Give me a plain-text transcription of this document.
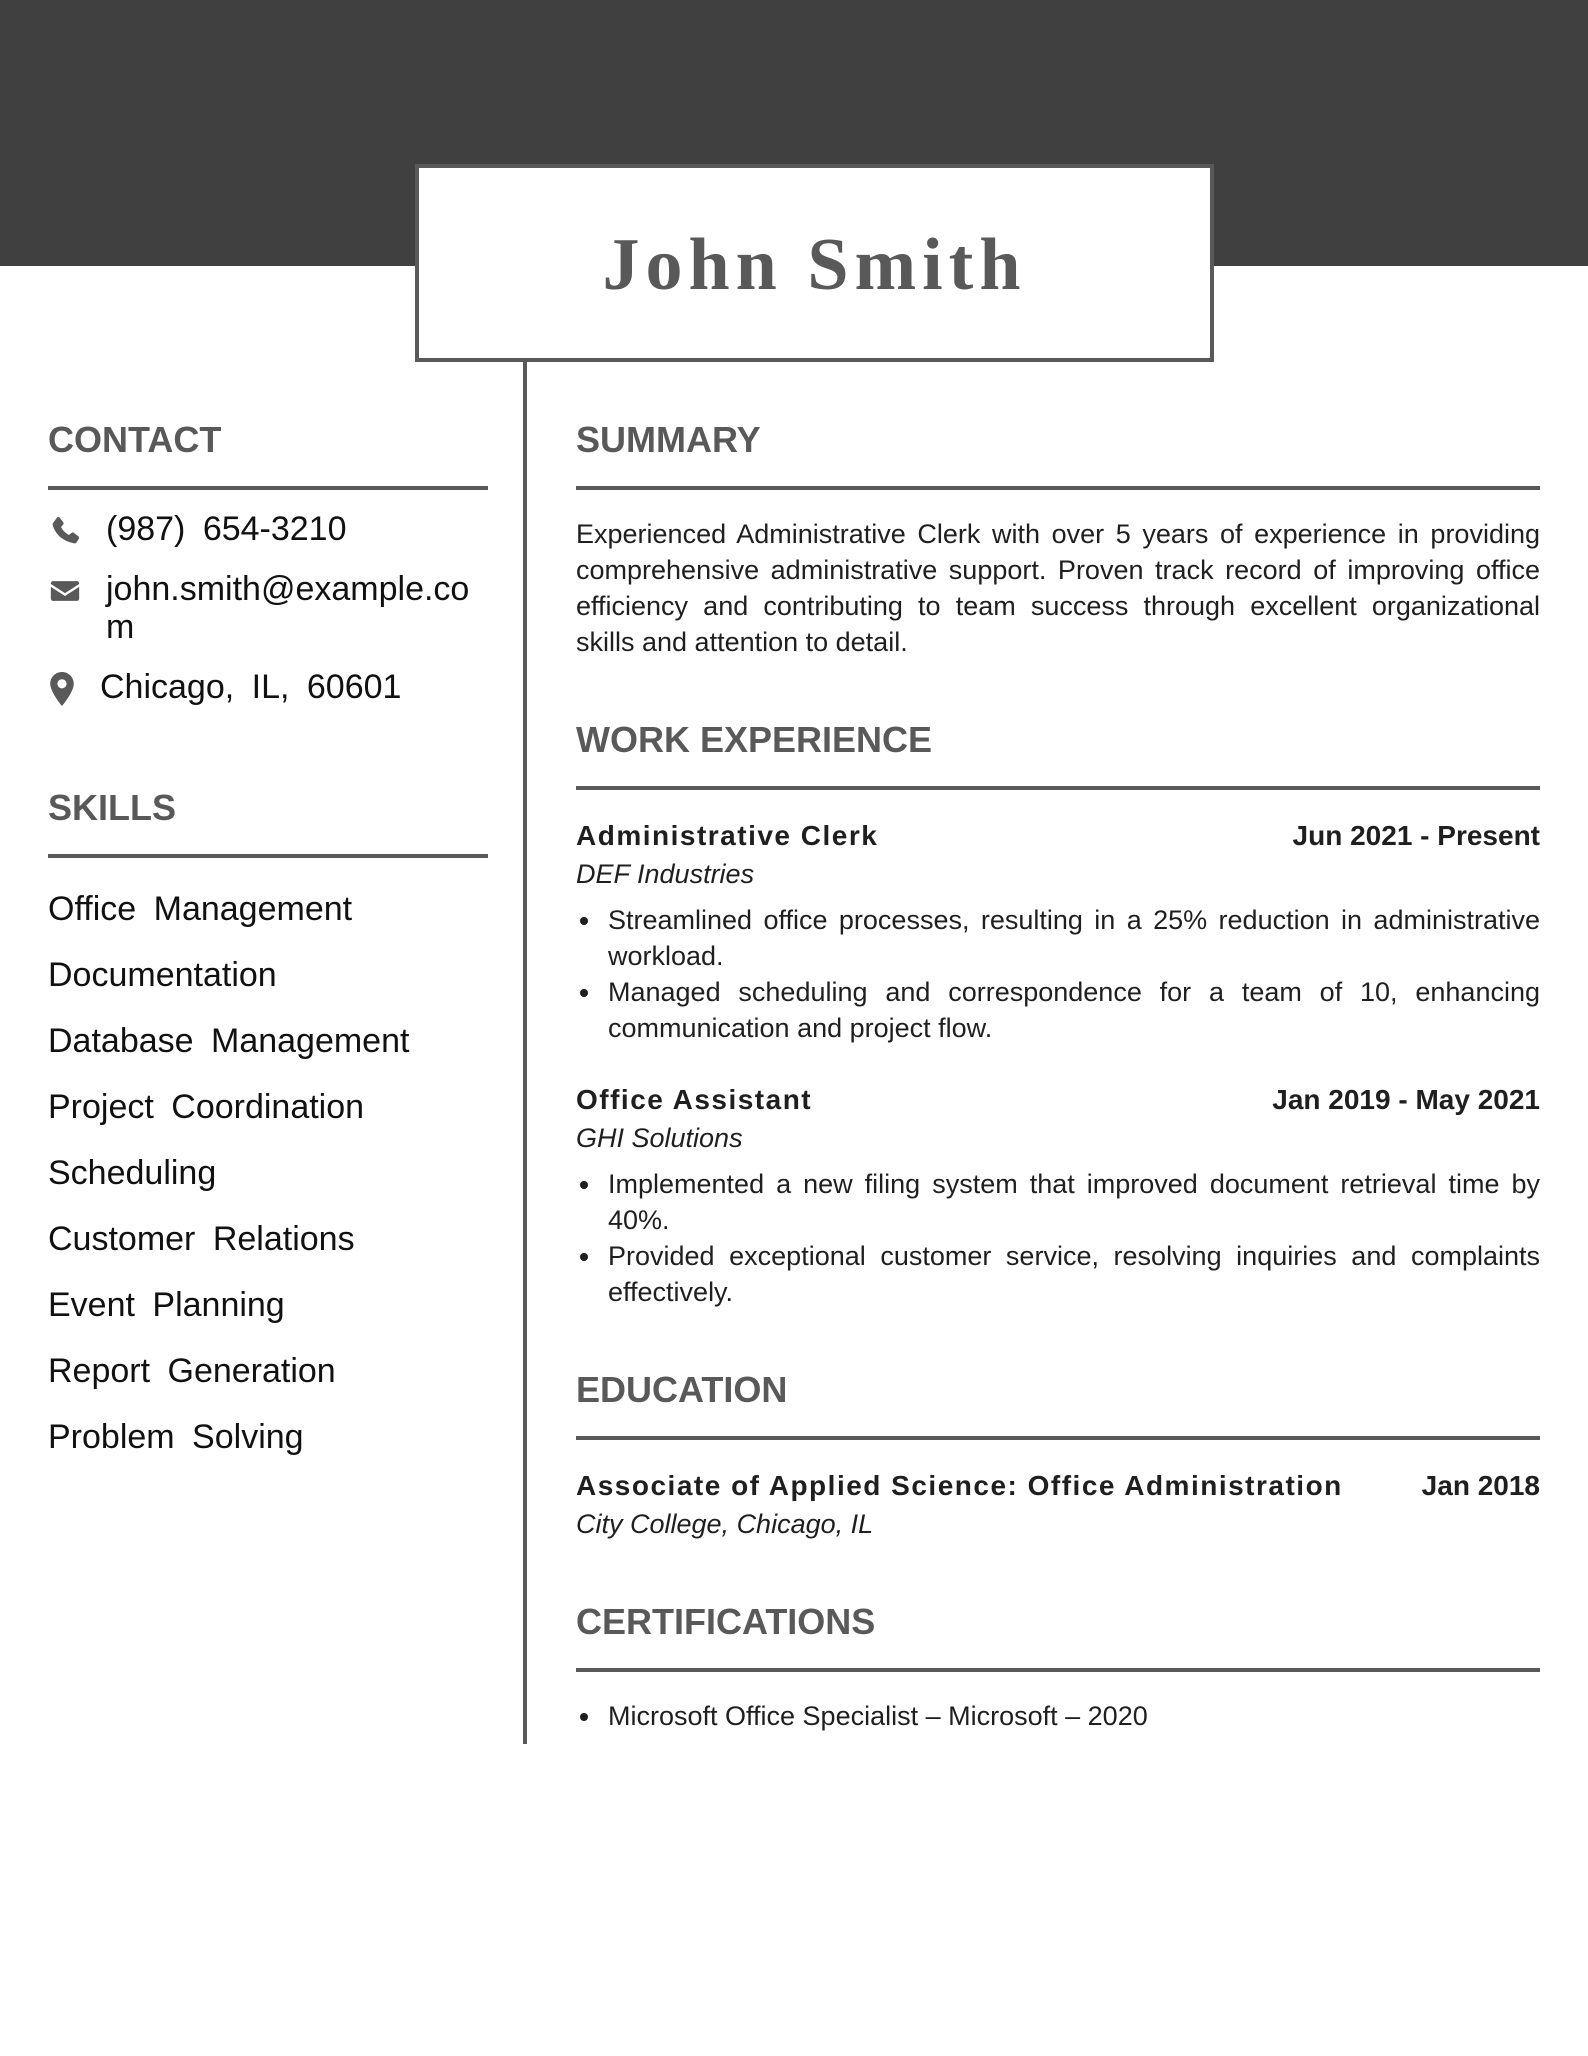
John Smith
CONTACT
(987) 654-3210
john.smith@example.com
Chicago, IL, 60601
SKILLS
Office Management
Documentation
Database Management
Project Coordination
Scheduling
Customer Relations
Event Planning
Report Generation
Problem Solving
SUMMARY

Experienced Administrative Clerk with over 5 years of experience in providing comprehensive administrative support. Proven track record of improving office efficiency and contributing to team success through excellent organizational skills and attention to detail.

WORK EXPERIENCE
Administrative Clerk	Jun 2021 - Present
DEF Industries
Streamlined office processes, resulting in a 25% reduction in administrative workload.
Managed scheduling and correspondence for a team of 10, enhancing communication and project flow.
Office Assistant	Jan 2019 - May 2021
GHI Solutions
Implemented a new filing system that improved document retrieval time by 40%.
Provided exceptional customer service, resolving inquiries and complaints effectively.
EDUCATION
Associate of Applied Science: Office Administration	Jan 2018
City College, Chicago, IL
CERTIFICATIONS
Microsoft Office Specialist – Microsoft – 2020
